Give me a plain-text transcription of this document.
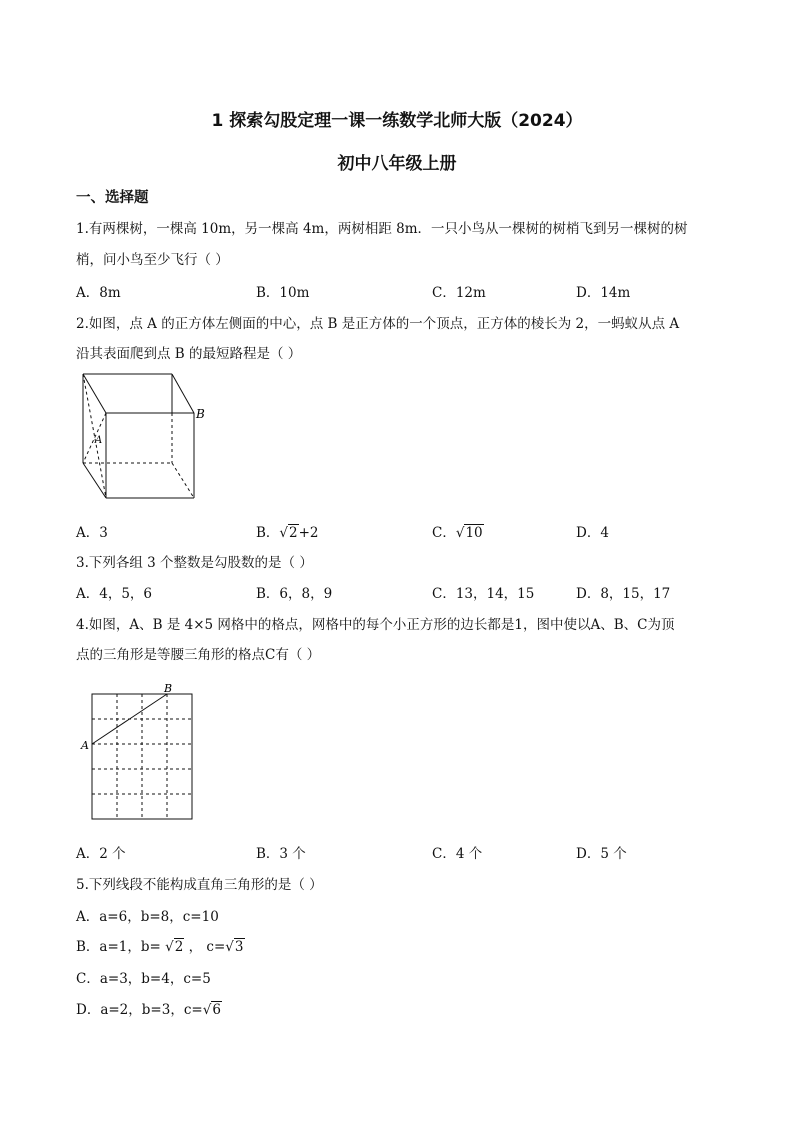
1 探索勾股定理一课一练数学北师大版（2024）
初中八年级上册
一、选择题
1.有两棵树，一棵高 10m，另一棵高 4m，两树相距 8m．一只小鸟从一棵树的树梢飞到另一棵树的树
梢，问小鸟至少飞行（ ）
A．8m	B．10m	C．12m	D．14m
2.如图，点 A 的正方体左侧面的中心，点 B 是正方体的一个顶点，正方体的棱长为 2，一蚂蚁从点 A
沿其表面爬到点 B 的最短路程是（ ）
B
A
A．3	B．√2+2	C．√10	D．4
3.下列各组 3 个整数是勾股数的是（ ）
A．4，5，6	B．6，8，9	C．13，14，15	D．8，15，17
4.如图，A、B 是 4×5 网格中的格点，网格中的每个小正方形的边长都是1，图中使以A、B、C为顶
点的三角形是等腰三角形的格点C有（ ）
B
A
A．2 个	B．3 个	C．4 个	D．5 个
5.下列线段不能构成直角三角形的是（ ）
A．a=6，b=8，c=10
B．a=1，b= √2 ， c=√3
C．a=3，b=4，c=5
D．a=2，b=3，c=√6
